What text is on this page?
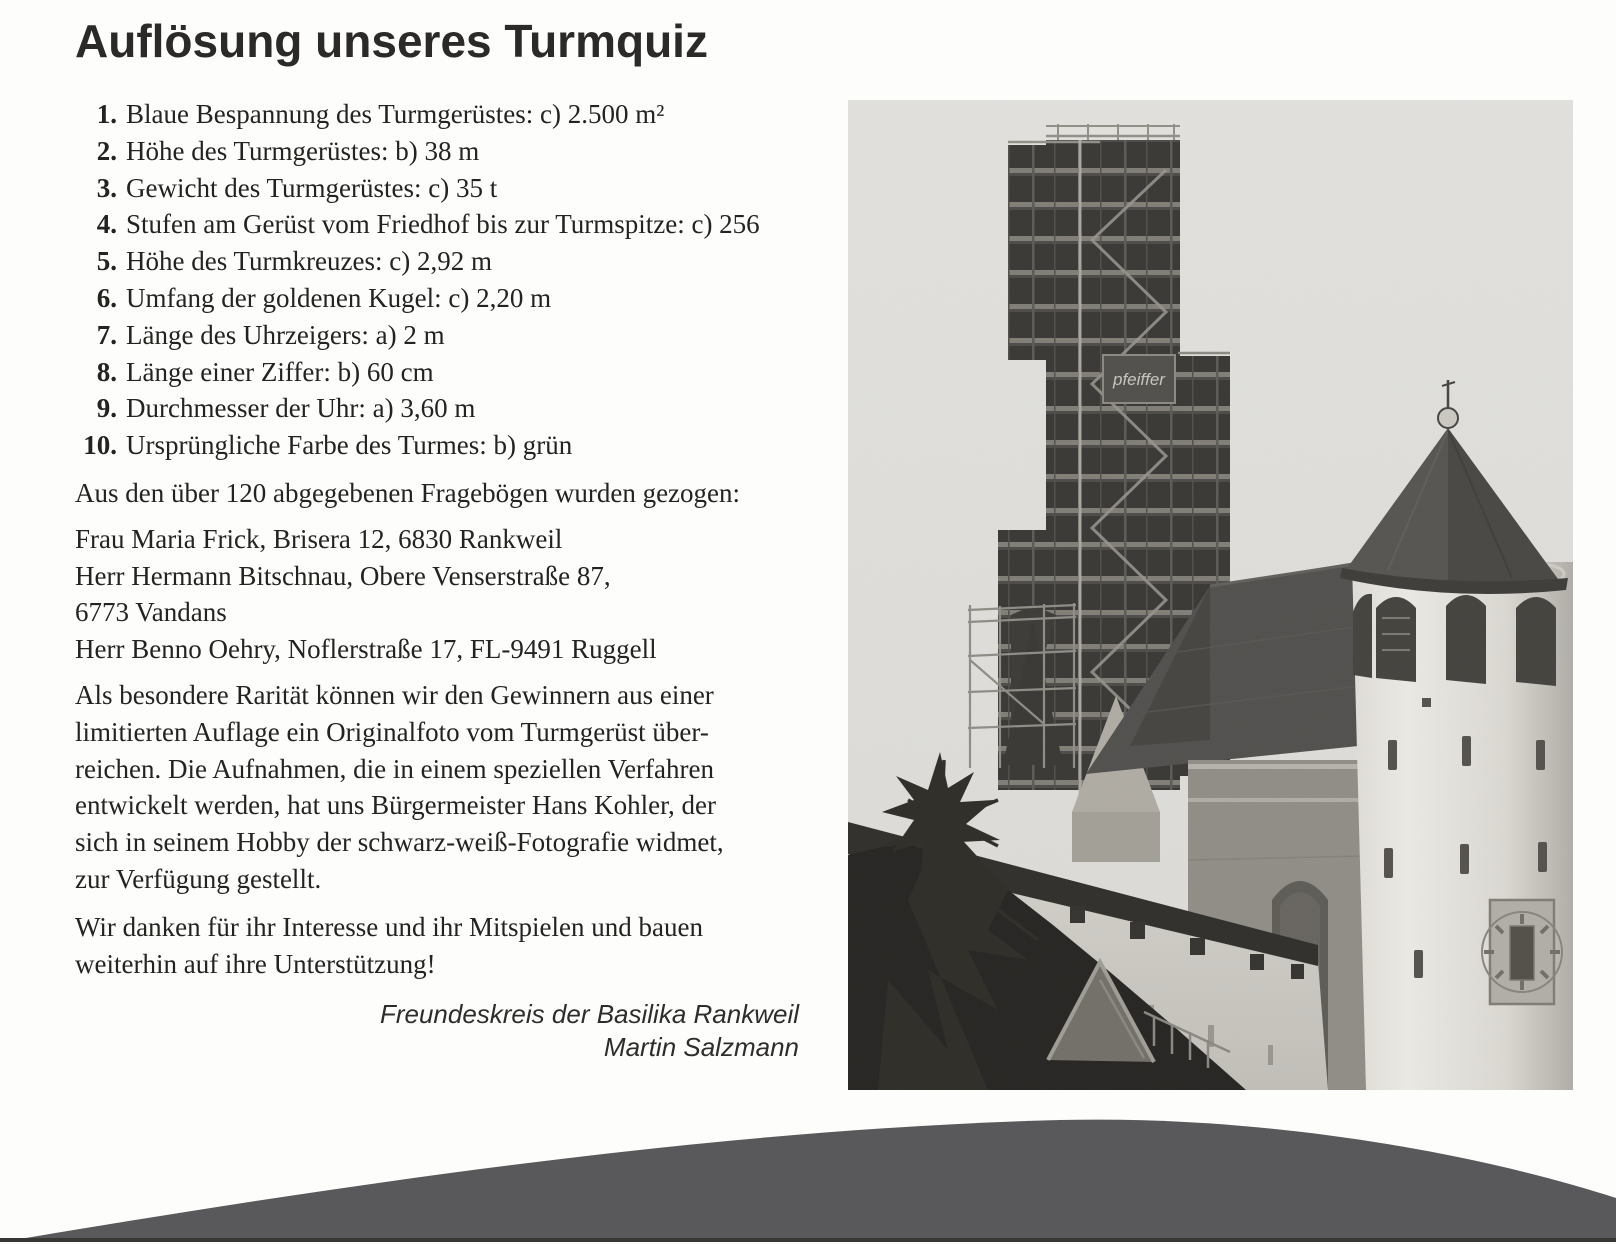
Auflösung unseres Turmquiz
1. Blaue Bespannung des Turmgerüstes: c) 2.500 m²
2. Höhe des Turmgerüstes: b) 38 m
3. Gewicht des Turmgerüstes: c) 35 t
4. Stufen am Gerüst vom Friedhof bis zur Turmspitze: c) 256
5. Höhe des Turmkreuzes: c) 2,92 m
6. Umfang der goldenen Kugel: c) 2,20 m
7. Länge des Uhrzeigers: a) 2 m
8. Länge einer Ziffer: b) 60 cm
9. Durchmesser der Uhr: a) 3,60 m
10. Ursprüngliche Farbe des Turmes: b) grün
Aus den über 120 abgegebenen Fragebögen wurden gezogen:
Frau Maria Frick, Brisera 12, 6830 Rankweil
Herr Hermann Bitschnau, Obere Venserstraße 87,
6773 Vandans
Herr Benno Oehry, Noflerstraße 17, FL-9491 Ruggell
Als besondere Rarität können wir den Gewinnern aus einer
limitierten Auflage ein Originalfoto vom Turmgerüst über-
reichen. Die Aufnahmen, die in einem speziellen Verfahren
entwickelt werden, hat uns Bürgermeister Hans Kohler, der
sich in seinem Hobby der schwarz-weiß-Fotografie widmet,
zur Verfügung gestellt.
Wir danken für ihr Interesse und ihr Mitspielen und bauen
weiterhin auf ihre Unterstützung!
Freundeskreis der Basilika Rankweil
Martin Salzmann
pfeiffer
